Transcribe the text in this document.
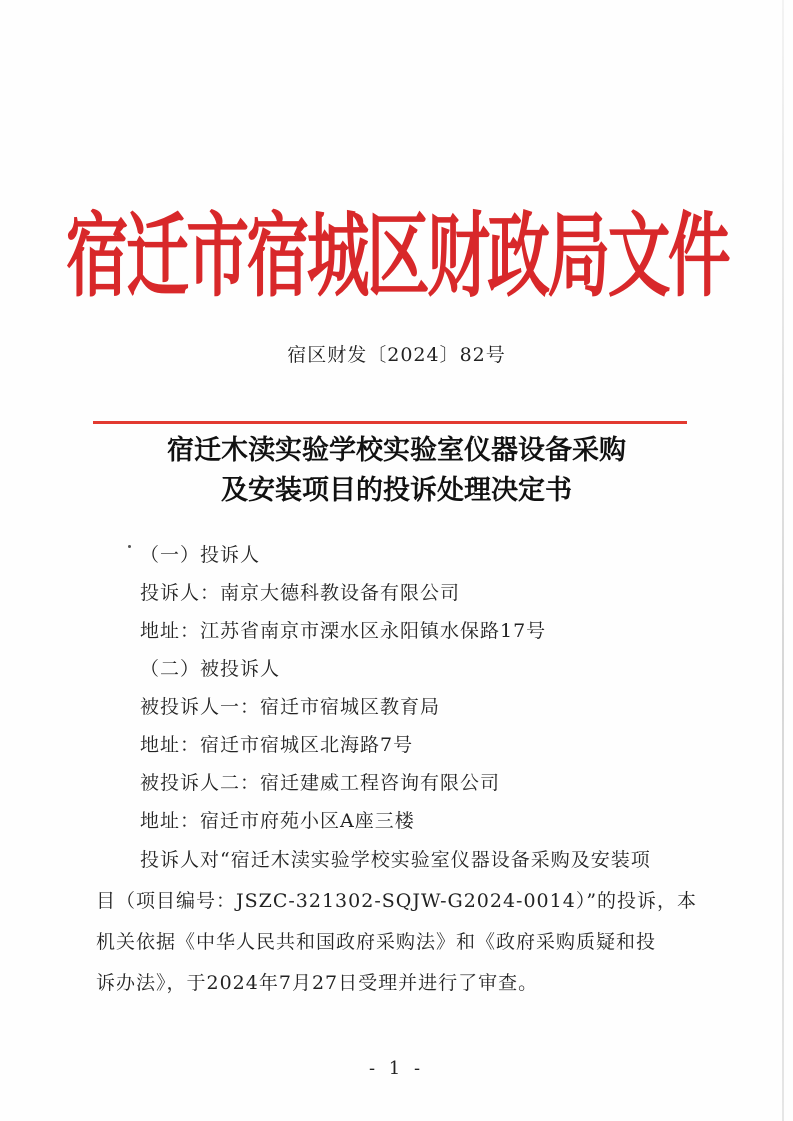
宿迁市宿城区财政局文件
宿区财发〔2024〕82号
宿迁木渎实验学校实验室仪器设备采购
及安装项目的投诉处理决定书
（一）投诉人
投诉人：南京大德科教设备有限公司
地址：江苏省南京市溧水区永阳镇水保路17号
（二）被投诉人
被投诉人一：宿迁市宿城区教育局
地址：宿迁市宿城区北海路7号
被投诉人二：宿迁建威工程咨询有限公司
地址：宿迁市府苑小区A座三楼
投诉人对“宿迁木渎实验学校实验室仪器设备采购及安装项
目（项目编号：JSZC-321302-SQJW-G2024-0014）”的投诉，本
机关依据《中华人民共和国政府采购法》和《政府采购质疑和投
诉办法》，于2024年7月27日受理并进行了审查。
- 1 -
